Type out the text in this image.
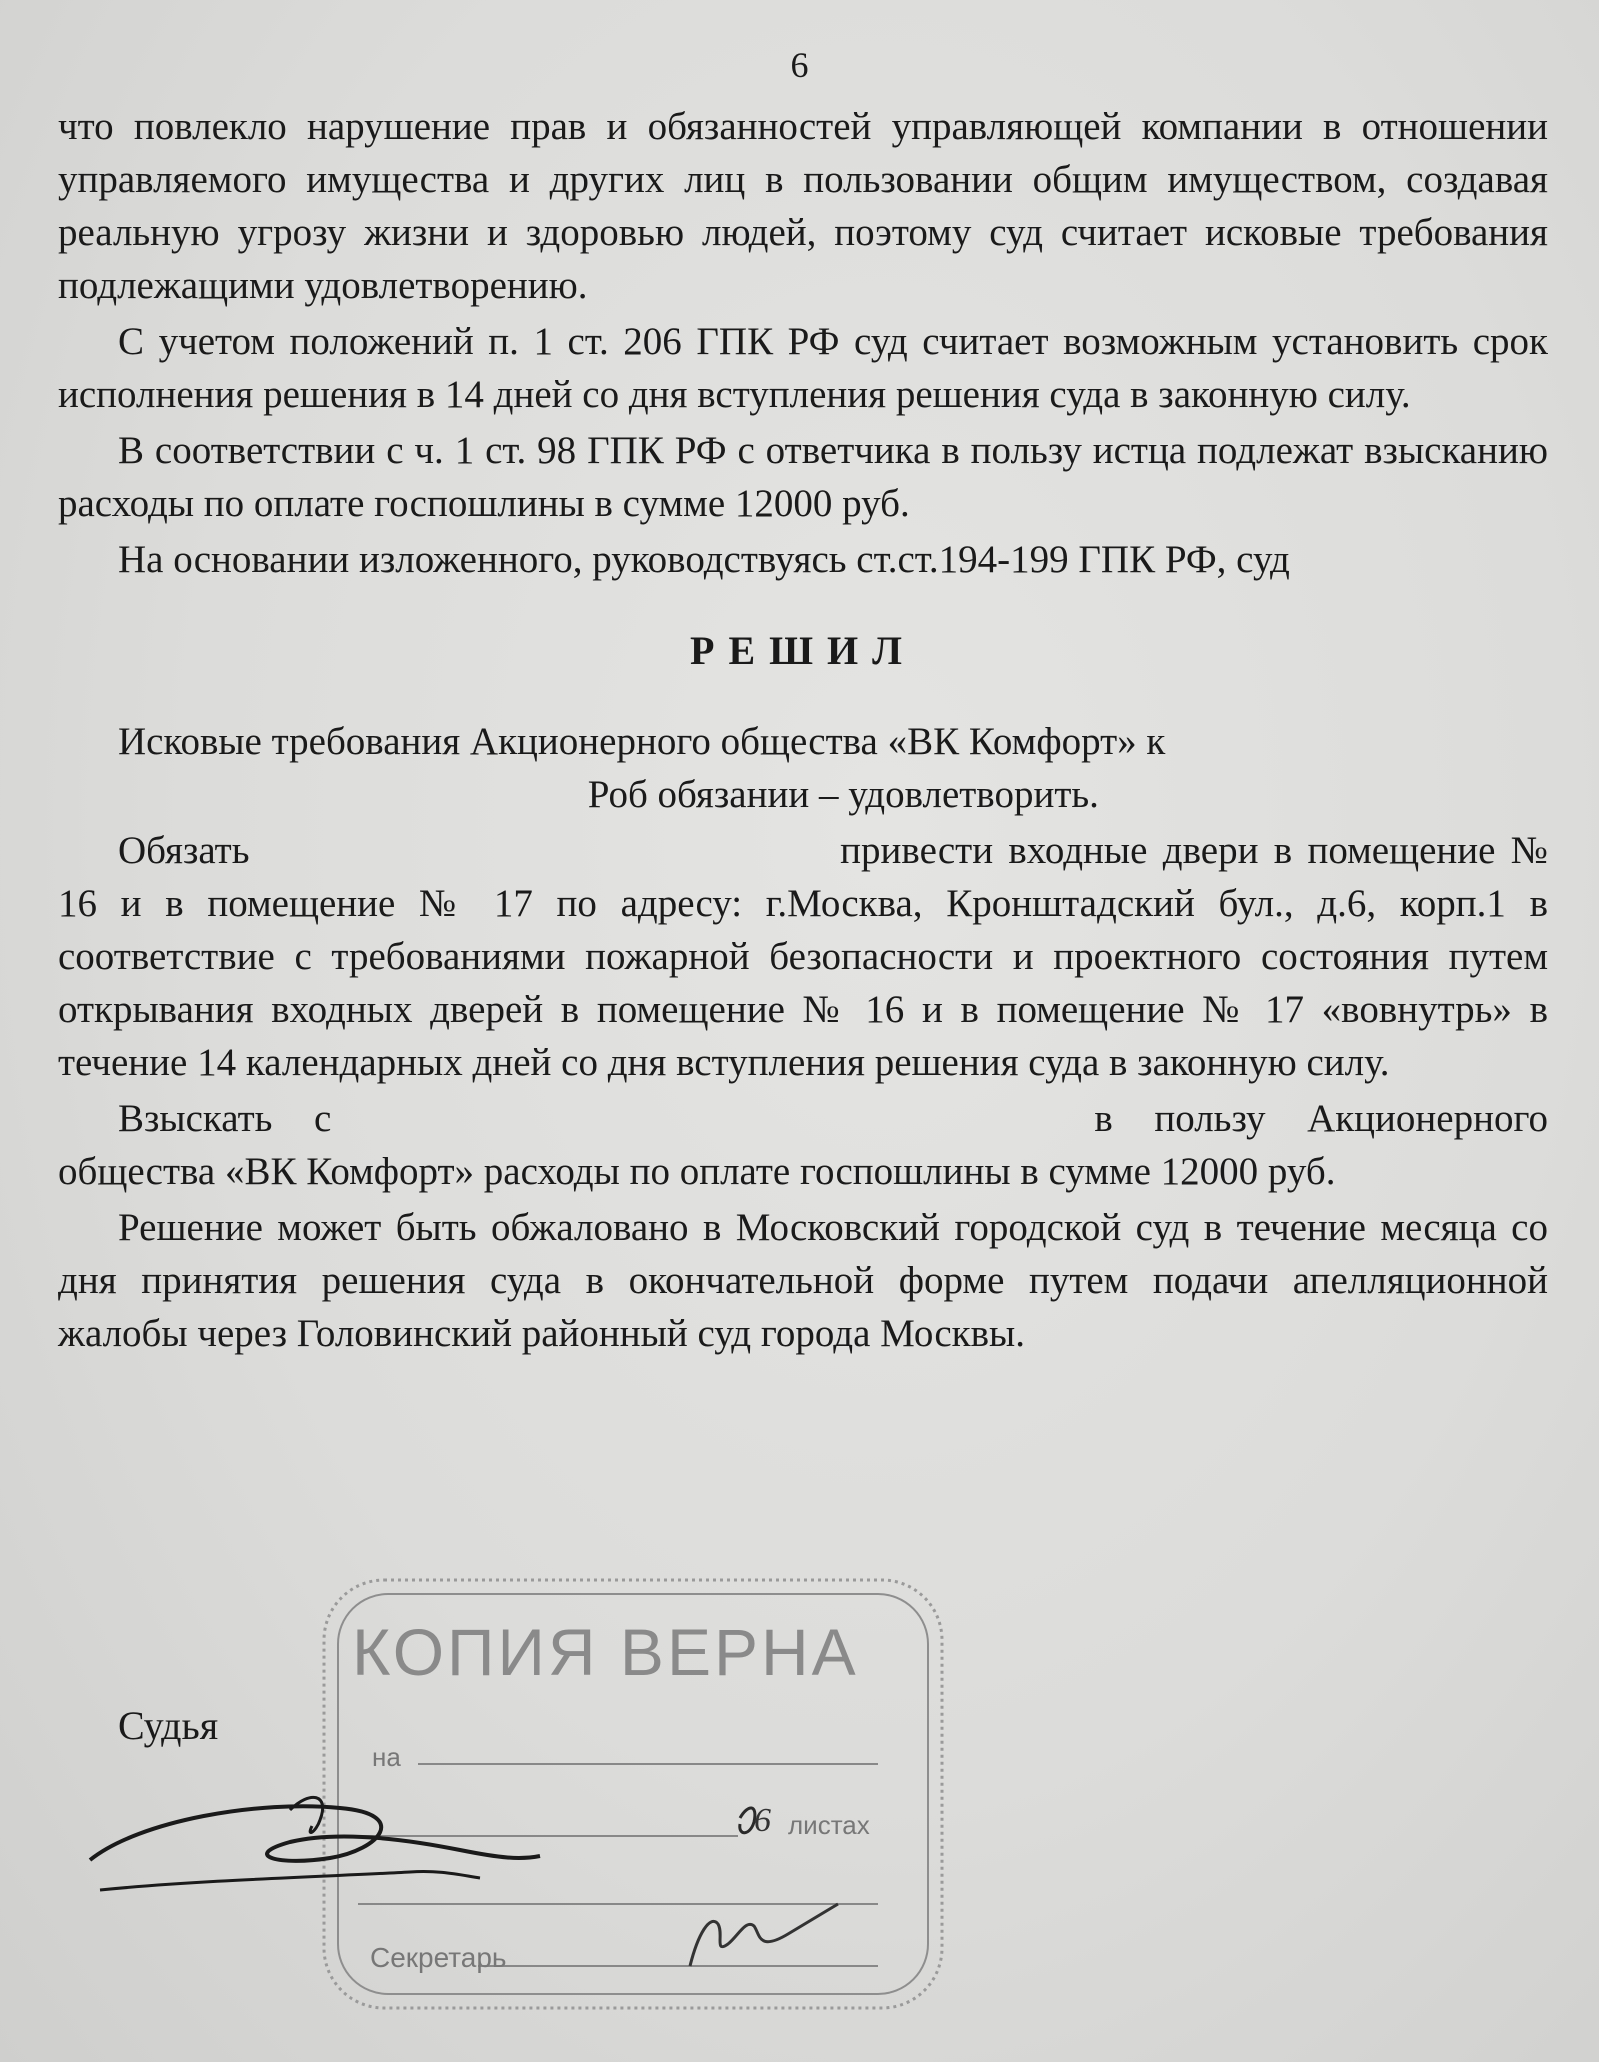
6

что повлекло нарушение прав и обязанностей управляющей компании в отношении управляемого имущества и других лиц в пользовании общим имуществом, создавая реальную угрозу жизни и здоровью людей, поэтому суд считает исковые требования подлежащими удовлетворению.

С учетом положений п. 1 ст. 206 ГПК РФ суд считает возможным установить срок исполнения решения в 14 дней со дня вступления решения суда в законную силу.

В соответствии с ч. 1 ст. 98 ГПК РФ с ответчика в пользу истца подлежат взысканию расходы по оплате госпошлины в сумме 12000 руб.

На основании изложенного, руководствуясь ст.ст.194-199 ГПК РФ, суд

РЕШИЛ

Исковые требования Акционерного общества «ВК Комфорт» к
Роб обязании – удовлетворить.

Обязать	привести входные двери в помещение № 16 и в помещение № 17 по адресу: г.Москва, Кронштадский бул., д.6, корп.1 в соответствие с требованиями пожарной безопасности и проектного состояния путем открывания входных дверей в помещение № 16 и в помещение № 17 «вовнутрь» в течение 14 календарных дней со дня вступления решения суда в законную силу.

Взыскать с	в пользу Акционерного общества «ВК Комфорт» расходы по оплате госпошлины в сумме 12000 руб.

Решение может быть обжаловано в Московский городской суд в течение месяца со дня принятия решения суда в окончательной форме путем подачи апелляционной жалобы через Головинский районный суд города Москвы.

Судья
КОПИЯ ВЕРНА
на
6 листах
Секретарь
